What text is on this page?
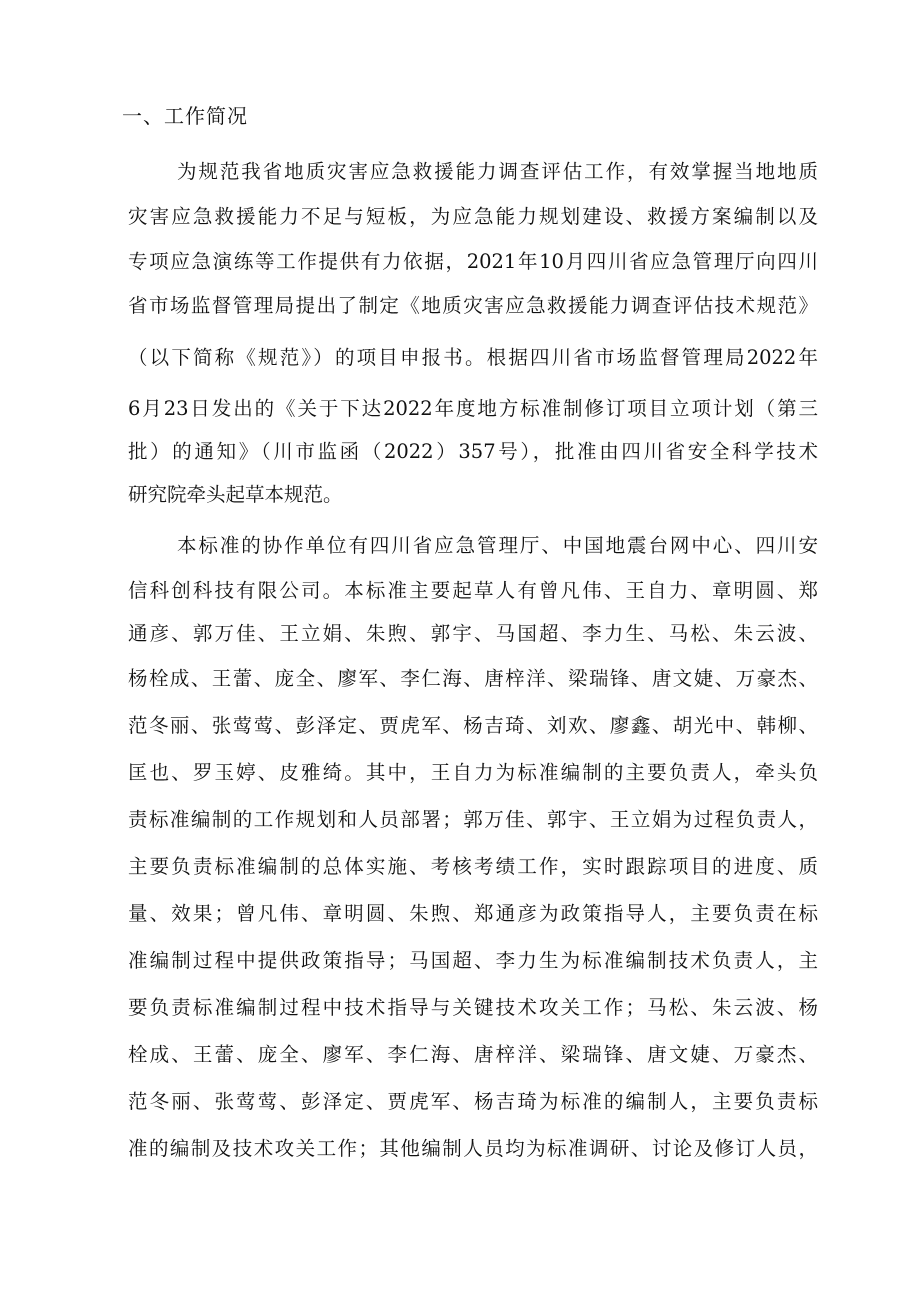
一、工作简况
为规范我省地质灾害应急救援能力调查评估工作，有效掌握当地地质
灾害应急救援能力不足与短板，为应急能力规划建设、救援方案编制以及
专项应急演练等工作提供有力依据，2021年10月四川省应急管理厅向四川
省市场监督管理局提出了制定《地质灾害应急救援能力调查评估技术规范》
（以下简称《规范》）的项目申报书。根据四川省市场监督管理局2022年
6月23日发出的《关于下达2022年度地方标准制修订项目立项计划（第三
批）的通知》（川市监函（2022）357号），批准由四川省安全科学技术
研究院牵头起草本规范。
本标准的协作单位有四川省应急管理厅、中国地震台网中心、四川安
信科创科技有限公司。本标准主要起草人有曾凡伟、王自力、章明圆、郑
通彦、郭万佳、王立娟、朱煦、郭宇、马国超、李力生、马松、朱云波、
杨栓成、王蕾、庞全、廖军、李仁海、唐梓洋、梁瑞锋、唐文婕、万豪杰、
范冬丽、张莺莺、彭泽定、贾虎军、杨吉琦、刘欢、廖鑫、胡光中、韩柳、
匡也、罗玉婷、皮雅绮。其中，王自力为标准编制的主要负责人，牵头负
责标准编制的工作规划和人员部署；郭万佳、郭宇、王立娟为过程负责人，
主要负责标准编制的总体实施、考核考绩工作，实时跟踪项目的进度、质
量、效果；曾凡伟、章明圆、朱煦、郑通彦为政策指导人，主要负责在标
准编制过程中提供政策指导；马国超、李力生为标准编制技术负责人，主
要负责标准编制过程中技术指导与关键技术攻关工作；马松、朱云波、杨
栓成、王蕾、庞全、廖军、李仁海、唐梓洋、梁瑞锋、唐文婕、万豪杰、
范冬丽、张莺莺、彭泽定、贾虎军、杨吉琦为标准的编制人，主要负责标
准的编制及技术攻关工作；其他编制人员均为标准调研、讨论及修订人员，
